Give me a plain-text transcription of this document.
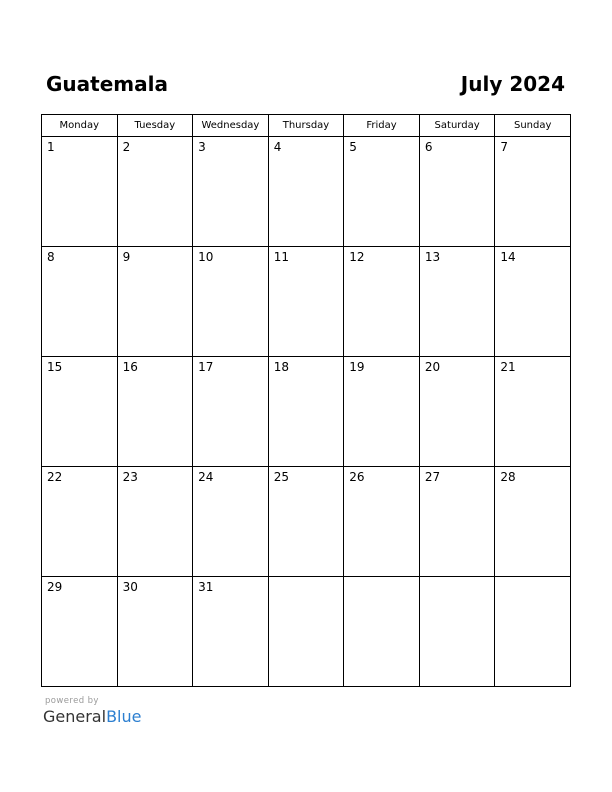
Guatemala	July 2024
Monday	Tuesday	Wednesday	Thursday	Friday	Saturday	Sunday

1	2	3	4	5	6	7

8	9	10	11	12	13	14

15	16	17	18	19	20	21

22	23	24	25	26	27	28

29	30	31				

powered by
GeneralBlue
